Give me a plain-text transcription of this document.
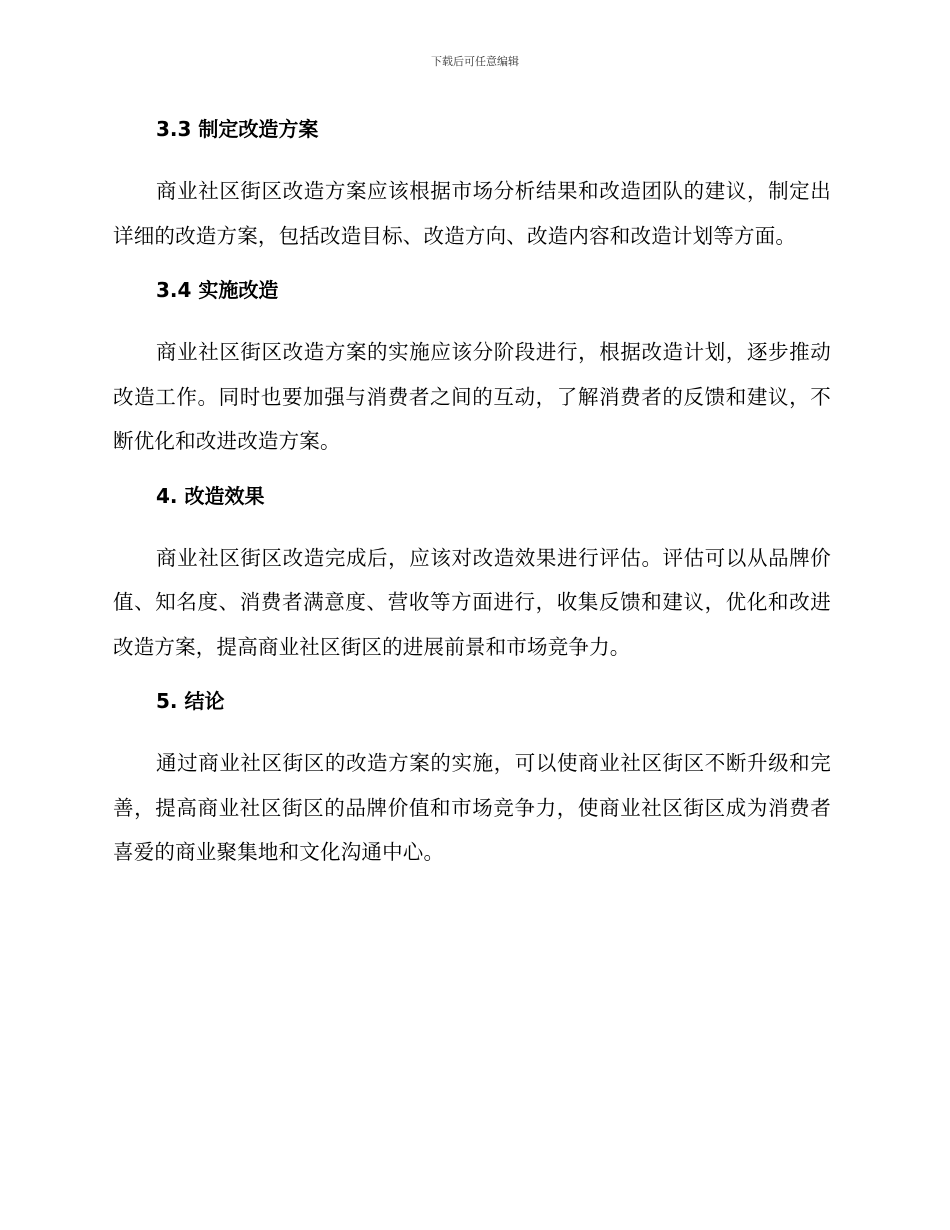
下载后可任意编辑
3.3 制定改造方案

商业社区街区改造方案应该根据市场分析结果和改造团队的建议，制定出详细的改造方案，包括改造目标、改造方向、改造内容和改造计划等方面。

3.4 实施改造

商业社区街区改造方案的实施应该分阶段进行，根据改造计划，逐步推动改造工作。同时也要加强与消费者之间的互动，了解消费者的反馈和建议，不断优化和改进改造方案。

4. 改造效果

商业社区街区改造完成后，应该对改造效果进行评估。评估可以从品牌价值、知名度、消费者满意度、营收等方面进行，收集反馈和建议，优化和改进改造方案，提高商业社区街区的进展前景和市场竞争力。

5. 结论

通过商业社区街区的改造方案的实施，可以使商业社区街区不断升级和完善，提高商业社区街区的品牌价值和市场竞争力，使商业社区街区成为消费者喜爱的商业聚集地和文化沟通中心。
